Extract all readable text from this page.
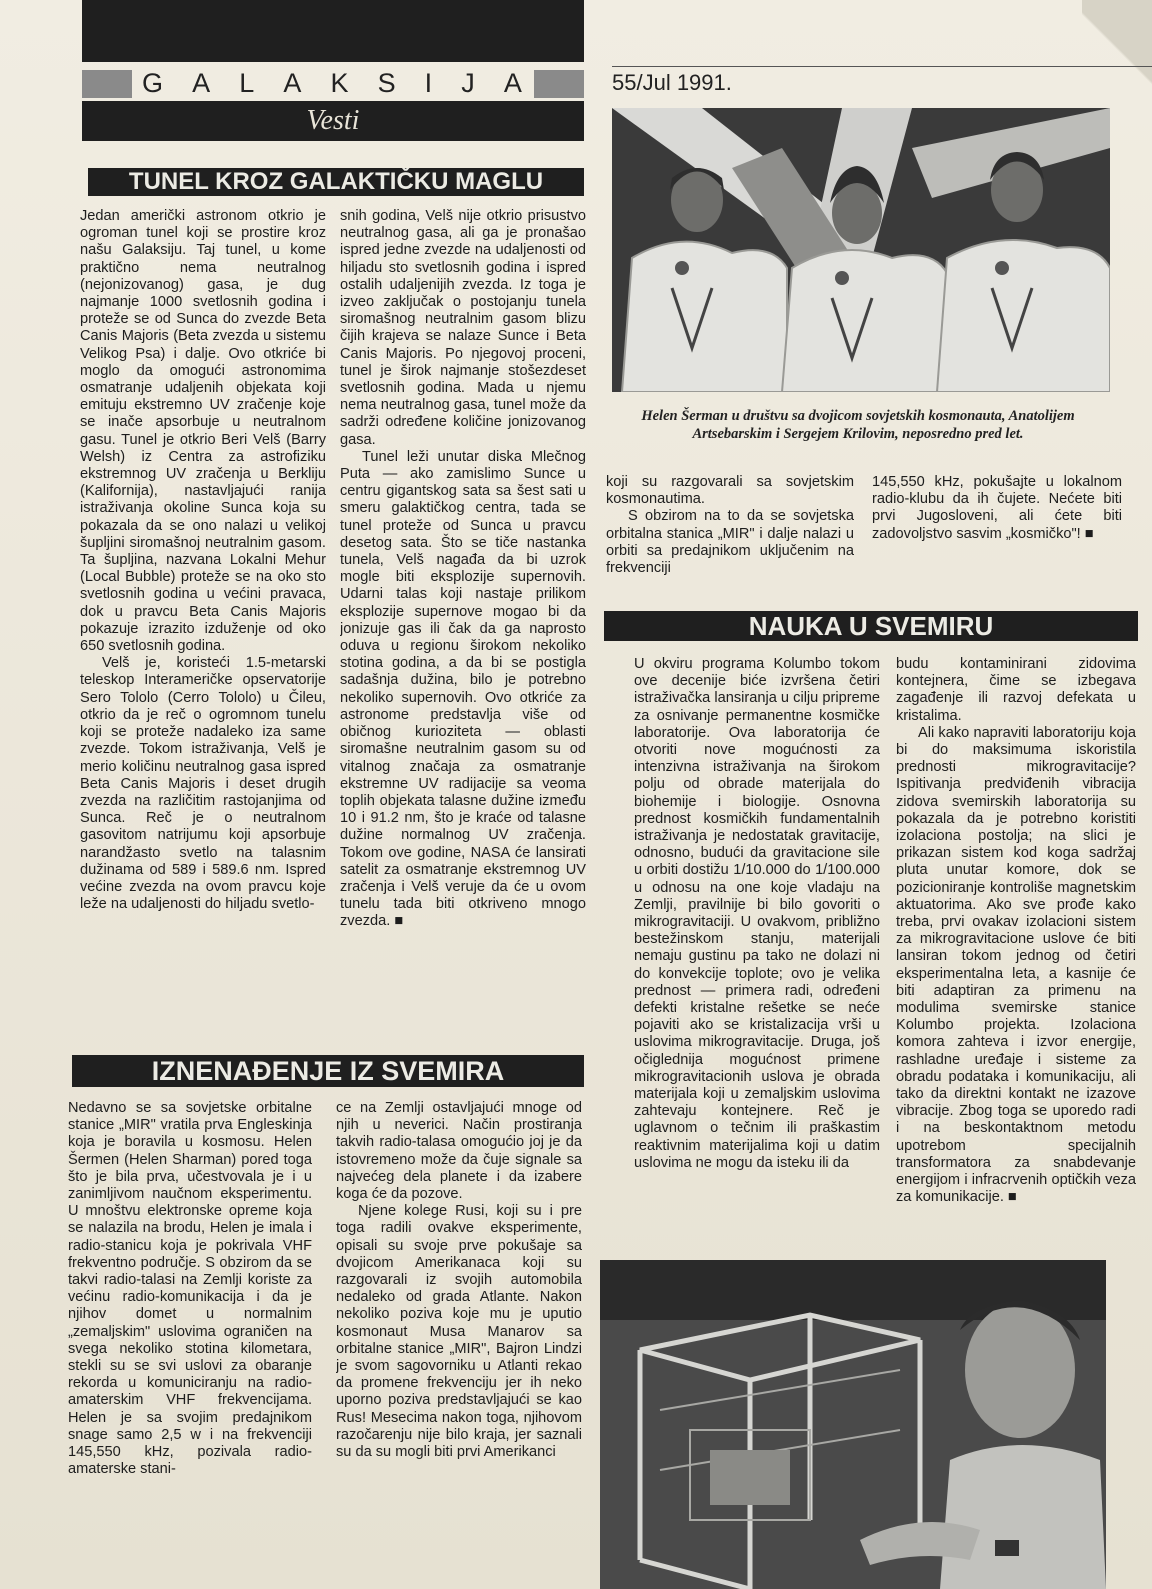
G A L A K S I J A	55/Jul 1991.
Vesti
TUNEL KROZ GALAKTIČKU MAGLU

Jedan američki astronom otkrio je ogroman tunel koji se prostire kroz našu Galaksiju. Taj tunel, u kome praktično nema neutralnog (nejonizovanog) gasa, je dug najmanje 1000 svetlosnih godina i proteže se od Sunca do zvezde Beta Canis Majoris (Beta zvezda u sistemu Velikog Psa) i dalje. Ovo otkriće bi moglo da omogući astronomima osmatranje udaljenih objekata koji emituju ekstremno UV zračenje koje se inače apsorbuje u neutralnom gasu. Tunel je otkrio Beri Velš (Barry Welsh) iz Centra za astrofiziku ekstremnog UV zračenja u Berkliju (Kalifornija), nastavljajući ranija istraživanja okoline Sunca koja su pokazala da se ono nalazi u velikoj šupljini siromašnoj neutralnim gasom. Ta šupljina, nazvana Lokalni Mehur (Local Bubble) proteže se na oko sto svetlosnih godina u većini pravaca, dok u pravcu Beta Canis Majoris pokazuje izrazito izduženje od oko 650 svetlosnih godina.

Velš je, koristeći 1.5-metarski teleskop Interameričke opservatorije Sero Tololo (Cerro Tololo) u Čileu, otkrio da je reč o ogromnom tunelu koji se proteže nadaleko iza same zvezde. Tokom istraživanja, Velš je merio količinu neutralnog gasa ispred Beta Canis Majoris i deset drugih zvezda na različitim rastojanjima od Sunca. Reč je o neutralnom gasovitom natrijumu koji apsorbuje narandžasto svetlo na talasnim dužinama od 589 i 589.6 nm. Ispred većine zvezda na ovom pravcu koje leže na udaljenosti do hiljadu svetlo-

snih godina, Velš nije otkrio prisustvo neutralnog gasa, ali ga je pronašao ispred jedne zvezde na udaljenosti od hiljadu sto svetlosnih godina i ispred ostalih udaljenijih zvezda. Iz toga je izveo zaključak o postojanju tunela siromašnog neutralnim gasom blizu čijih krajeva se nalaze Sunce i Beta Canis Majoris. Po njegovoj proceni, tunel je širok najmanje stošezdeset svetlosnih godina. Mada u njemu nema neutralnog gasa, tunel može da sadrži određene količine jonizovanog gasa.

Tunel leži unutar diska Mlečnog Puta — ako zamislimo Sunce u centru gigantskog sata sa šest sati u smeru galaktičkog centra, tada se tunel proteže od Sunca u pravcu desetog sata. Što se tiče nastanka tunela, Velš nagađa da bi uzrok mogle biti eksplozije supernovih. Udarni talas koji nastaje prilikom eksplozije supernove mogao bi da jonizuje gas ili čak da ga naprosto oduva u regionu širokom nekoliko stotina godina, a da bi se postigla sadašnja dužina, bilo je potrebno nekoliko supernovih. Ovo otkriće za astronome predstavlja više od običnog kuriozitetа — oblasti siromašne neutralnim gasom su od vitalnog značaja za osmatranje ekstremne UV radijacije sa veoma toplih objekata talasne dužine između 10 i 91.2 nm, što je kraće od talasne dužine normalnog UV zračenja. Tokom ove godine, NASA će lansirati satelit za osmatranje ekstremnog UV zračenja i Velš veruje da će u ovom tunelu tada biti otkriveno mnogo zvezda. ■

Helen Šerman u društvu sa dvojicom sovjetskih kosmonauta, Anatolijem Artsebarskim i Sergejem Krilovim, neposredno pred let.

koji su razgovarali sa sovjetskim kosmonautima.

S obzirom na to da se sovjetska orbitalna stanica „MIR" i dalje nalazi u orbiti sa predajnikom uključenim na frekvenciji

145,550 kHz, pokušajte u lokalnom radio-klubu da ih čujete. Nećete biti prvi Jugosloveni, ali ćete biti zadovoljstvo sasvim „kosmičko"! ■

NAUKA U SVEMIRU

U okviru programa Kolumbo tokom ove decenije biće izvršena četiri istraživačka lansiranja u cilju pripreme za osnivanje permanentne kosmičke laboratorije. Ova laboratorija će otvoriti nove mogućnosti za intenzivna istraživanja na širokom polju od obrade materijala do biohemije i biologije. Osnovna prednost kosmičkih fundamentalnih istraživanja je nedostatak gravitacije, odnosno, budući da gravitacione sile u orbiti dostižu 1/10.000 do 1/100.000 u odnosu na one koje vladaju na Zemlji, pravilnije bi bilo govoriti o mikrogravitaciji. U ovakvom, približno bestežinskom stanju, materijali nemaju gustinu pa tako ne dolazi ni do konvekcije toplote; ovo je velika prednost — primera radi, određeni defekti kristalne rešetke se neće pojaviti ako se kristalizacija vrši u uslovima mikrogravitacije. Druga, još očiglednija mogućnost primene mikrogravitacionih uslova je obrada materijala koji u zemaljskim uslovima zahtevaju kontejnere. Reč je uglavnom o tečnim ili praškastim reaktivnim materijalima koji u datim uslovima ne mogu da isteku ili da

budu kontaminirani zidovima kontejnera, čime se izbegava zagađenje ili razvoj defekata u kristalima.

Ali kako napraviti laboratoriju koja bi do maksimuma iskoristila prednosti mikrogravitacije? Ispitivanja predviđenih vibracija zidova svemirskih laboratorija su pokazala da je potrebno koristiti izolaciona postolja; na slici je prikazan sistem kod koga sadržaj pluta unutar komore, dok se pozicioniranje kontroliše magnetskim aktuatorima. Ako sve prođe kako treba, prvi ovakav izolacioni sistem za mikrogravitacione uslove će biti lansiran tokom jednog od četiri eksperimentalna leta, a kasnije će biti adaptiran za primenu na modulima svemirske stanice Kolumbo projekta. Izolaciona komora zahteva i izvor energije, rashladne uređaje i sisteme za obradu podataka i komunikaciju, ali tako da direktni kontakt ne izazove vibracije. Zbog toga se uporedo radi i na beskontaktnom metodu upotrebom specijalnih transformatora za snabdevanje energijom i infracrvenih optičkih veza za komunikacije. ■

IZNENAĐENJE IZ SVEMIRA

Nedavno se sa sovjetske orbitalne stanice „MIR" vratila prva Engleskinja koja je boravila u kosmosu. Helen Šermen (Helen Sharman) pored toga što je bila prva, učestvovala je i u zanimljivom naučnom eksperimentu. U mnoštvu elektronske opreme koja se nalazila na brodu, Helen je imala i radio-stanicu koja je pokrivala VHF frekventno područje. S obzirom da se takvi radio-talasi na Zemlji koriste za većinu radio-komunikacija i da je njihov domet u normalnim „zemaljskim" uslovima ograničen na svega nekoliko stotina kilometara, stekli su se svi uslovi za obaranje rekorda u komuniciranju na radio-amaterskim VHF frekvencijama. Helen je sa svojim predajnikom snage samo 2,5 w i na frekvenciji 145,550 kHz, pozivala radio-amaterske stani-

ce na Zemlji ostavljajući mnoge od njih u neverici. Način prostiranja takvih radio-talasa omogućio joj je da istovremeno može da čuje signale sa najvećeg dela planete i da izabere koga će da pozove.

Njene kolege Rusi, koji su i pre toga radili ovakve eksperimente, opisali su svoje prve pokušaje sa dvojicom Amerikanaca koji su razgovarali iz svojih automobila nedaleko od grada Atlante. Nakon nekoliko poziva koje mu je uputio kosmonaut Musa Manarov sa orbitalne stanice „MIR", Bajron Lindzi je svom sagovorniku u Atlanti rekao da promene frekvenciju jer ih neko uporno poziva predstavljajući se kao Rus! Mesecima nakon toga, njihovom razočarenju nije bilo kraja, jer saznali su da su mogli biti prvi Amerikanci
